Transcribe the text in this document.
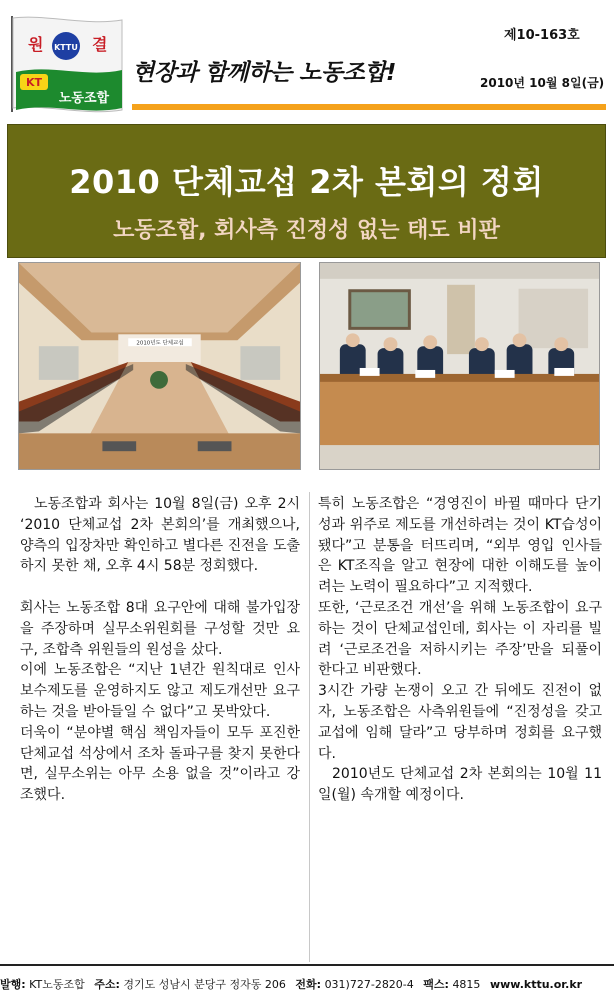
원	결
KTTU
KT
노동조합
현장과 함께하는 노동조합!
제10-163호
2010년 10월 8일(금)
2010 단체교섭 2차 본회의 정회
노동조합, 회사측 진정성 없는 태도 비판
2010년도 단체교섭

노동조합과 회사는 10월 8일(금) 오후 2시 ‘2010 단체교섭 2차 본회의’를 개최했으나, 양측의 입장차만 확인하고 별다른 진전을 도출하지 못한 채, 오후 4시 58분 정회했다.

회사는 노동조합 8대 요구안에 대해 불가입장을 주장하며 실무소위원회를 구성할 것만 요구, 조합측 위원들의 원성을 샀다.

이에 노동조합은 “지난 1년간 원칙대로 인사보수제도를 운영하지도 않고 제도개선만 요구하는 것을 받아들일 수 없다”고 못박았다.

더욱이 “분야별 핵심 책임자들이 모두 포진한 단체교섭 석상에서 조차 돌파구를 찾지 못한다면, 실무소위는 아무 소용 없을 것”이라고 강조했다.

특히 노동조합은 “경영진이 바뀔 때마다 단기성과 위주로 제도를 개선하려는 것이 KT습성이 됐다”고 분통을 터뜨리며, “외부 영입 인사들은 KT조직을 알고 현장에 대한 이해도를 높이려는 노력이 필요하다”고 지적했다.

또한, ‘근로조건 개선’을 위해 노동조합이 요구하는 것이 단체교섭인데, 회사는 이 자리를 빌려 ‘근로조건을 저하시키는 주장’만을 되풀이 한다고 비판했다.

3시간 가량 논쟁이 오고 간 뒤에도 진전이 없자, 노동조합은 사측위원들에 “진정성을 갖고 교섭에 임해 달라”고 당부하며 정회를 요구했다.

2010년도 단체교섭 2차 본회의는 10월 11일(월) 속개할 예정이다.

발행: KT노동조합 주소: 경기도 성남시 분당구 정자동 206 전화: 031)727-2820-4 팩스: 4815 www.kttu.or.kr
